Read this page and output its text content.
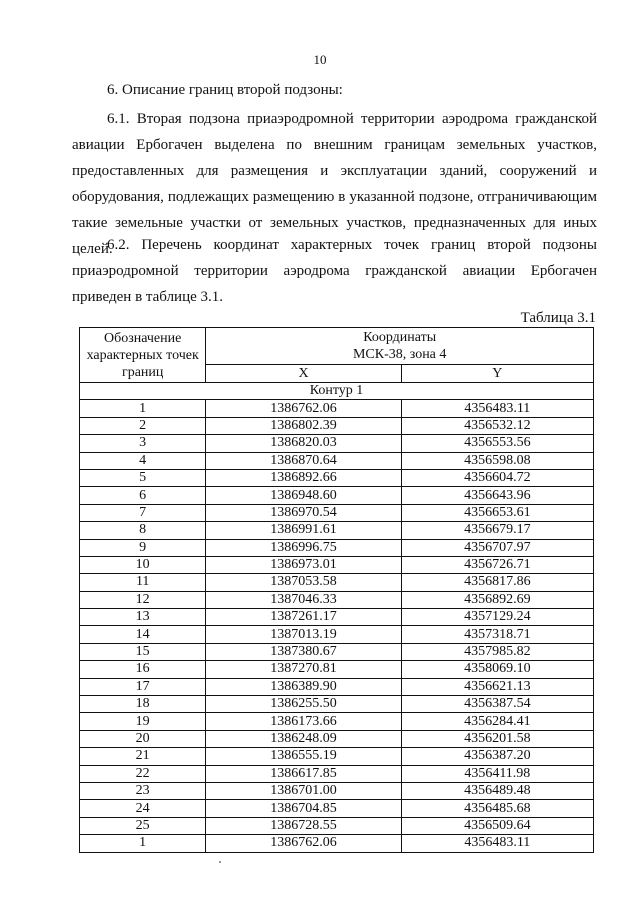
10
6. Описание границ второй подзоны:
6.1. Вторая подзона приаэродромной территории аэродрома гражданской авиации Ербогачен выделена по внешним границам земельных участков, предоставленных для размещения и эксплуатации зданий, сооружений и оборудования, подлежащих размещению в указанной подзоне, отграничивающим такие земельные участки от земельных участков, предназначенных для иных целей.
6.2. Перечень координат характерных точек границ второй подзоны приаэродромной территории аэродрома гражданской авиации Ербогачен приведен в таблице 3.1.
Таблица 3.1
Обозначение характерных точек границ	Координаты
МСК-38, зона 4	

	X	Y
Контур 1		
1	1386762.06	4356483.11
2	1386802.39	4356532.12
3	1386820.03	4356553.56
4	1386870.64	4356598.08
5	1386892.66	4356604.72
6	1386948.60	4356643.96
7	1386970.54	4356653.61
8	1386991.61	4356679.17
9	1386996.75	4356707.97
10	1386973.01	4356726.71
11	1387053.58	4356817.86
12	1387046.33	4356892.69
13	1387261.17	4357129.24
14	1387013.19	4357318.71
15	1387380.67	4357985.82
16	1387270.81	4358069.10
17	1386389.90	4356621.13
18	1386255.50	4356387.54
19	1386173.66	4356284.41
20	1386248.09	4356201.58
21	1386555.19	4356387.20
22	1386617.85	4356411.98
23	1386701.00	4356489.48
24	1386704.85	4356485.68
25	1386728.55	4356509.64
1	1386762.06	4356483.11
